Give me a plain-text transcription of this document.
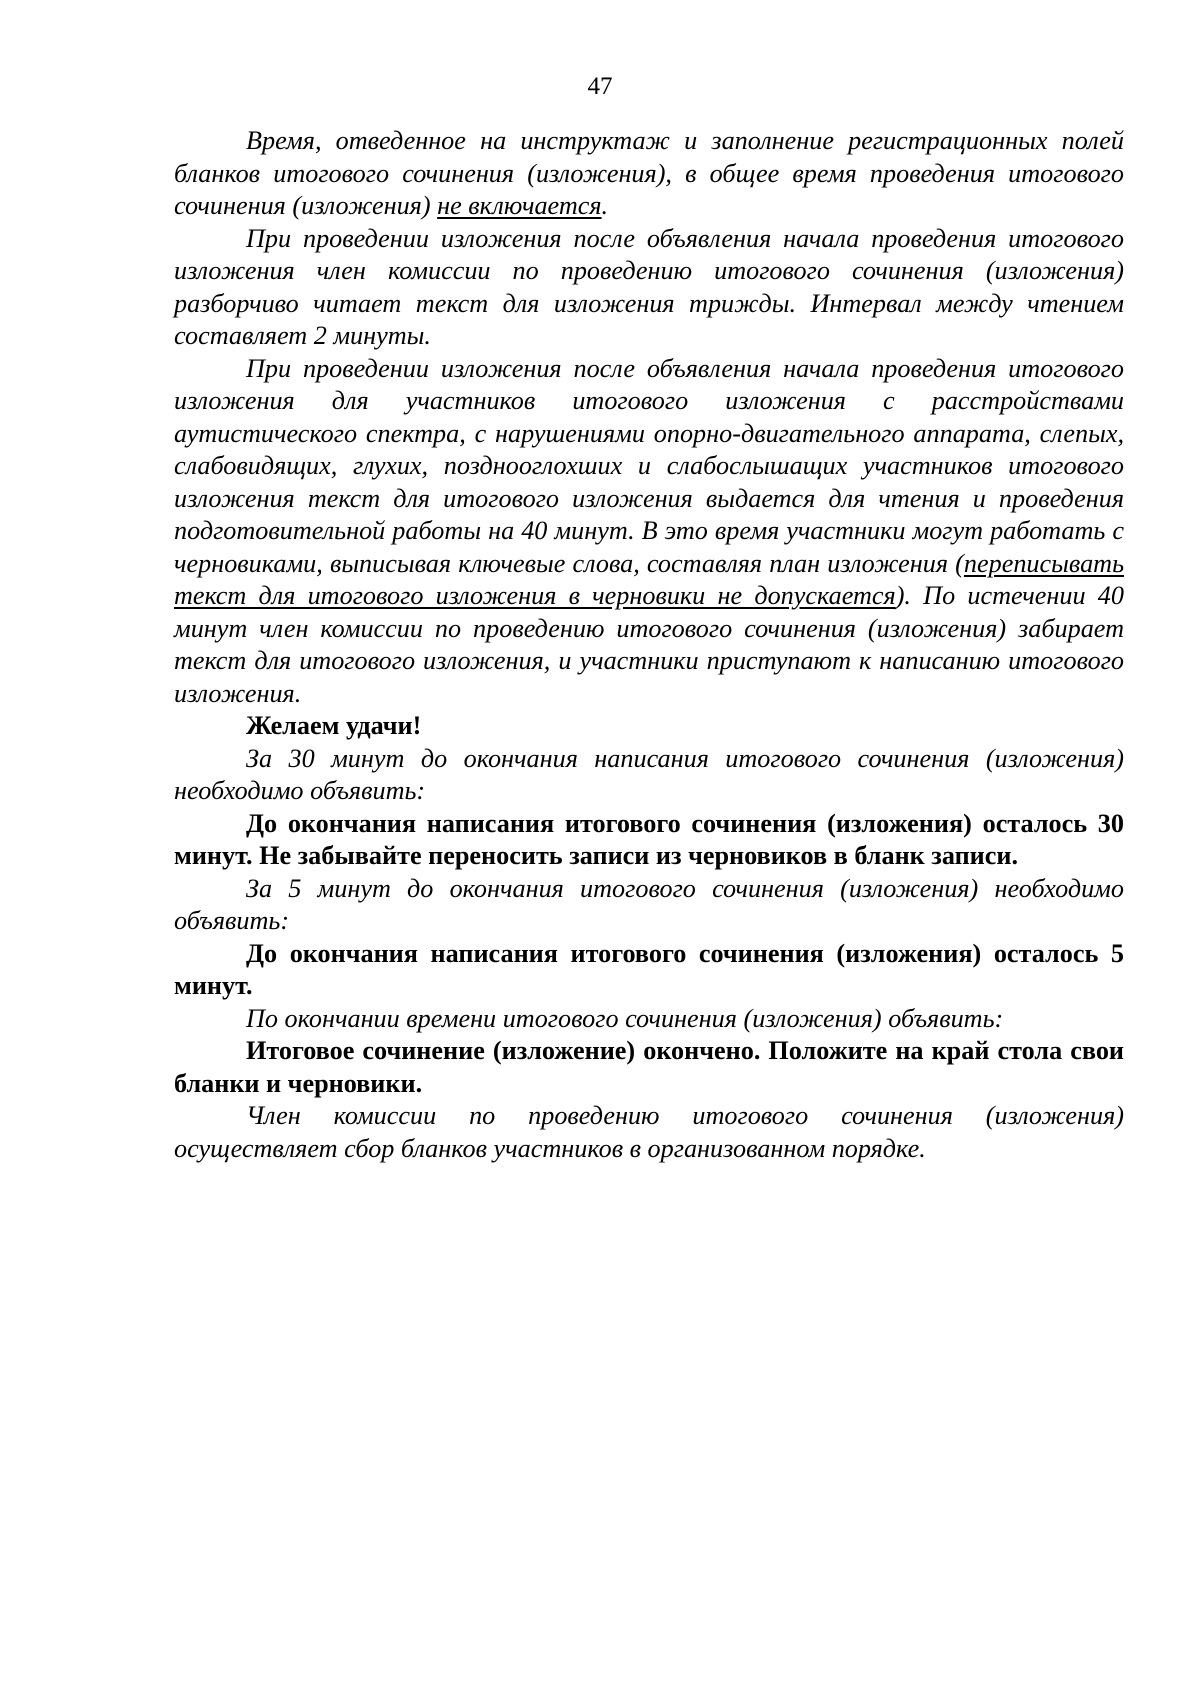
47

Время, отведенное на инструктаж и заполнение регистрационных полей бланков итогового сочинения (изложения), в общее время проведения итогового сочинения (изложения) не включается.

При проведении изложения после объявления начала проведения итогового изложения член комиссии по проведению итогового сочинения (изложения) разборчиво читает текст для изложения трижды. Интервал между чтением составляет 2 минуты.

При проведении изложения после объявления начала проведения итогового изложения для участников итогового изложения с расстройствами аутистического спектра, с нарушениями опорно-двигательного аппарата, слепых, слабовидящих, глухих, позднооглохших и слабослышащих участников итогового изложения текст для итогового изложения выдается для чтения и проведения подготовительной работы на 40 минут. В это время участники могут работать с черновиками, выписывая ключевые слова, составляя план изложения (переписывать текст для итогового изложения в черновики не допускается). По истечении 40 минут член комиссии по проведению итогового сочинения (изложения) забирает текст для итогового изложения, и участники приступают к написанию итогового изложения.

Желаем удачи!

За 30 минут до окончания написания итогового сочинения (изложения) необходимо объявить:

До окончания написания итогового сочинения (изложения) осталось 30 минут. Не забывайте переносить записи из черновиков в бланк записи.

За 5 минут до окончания итогового сочинения (изложения) необходимо объявить:

До окончания написания итогового сочинения (изложения) осталось 5 минут.

По окончании времени итогового сочинения (изложения) объявить:

Итоговое сочинение (изложение) окончено. Положите на край стола свои бланки и черновики.

Член комиссии по проведению итогового сочинения (изложения) осуществляет сбор бланков участников в организованном порядке.
